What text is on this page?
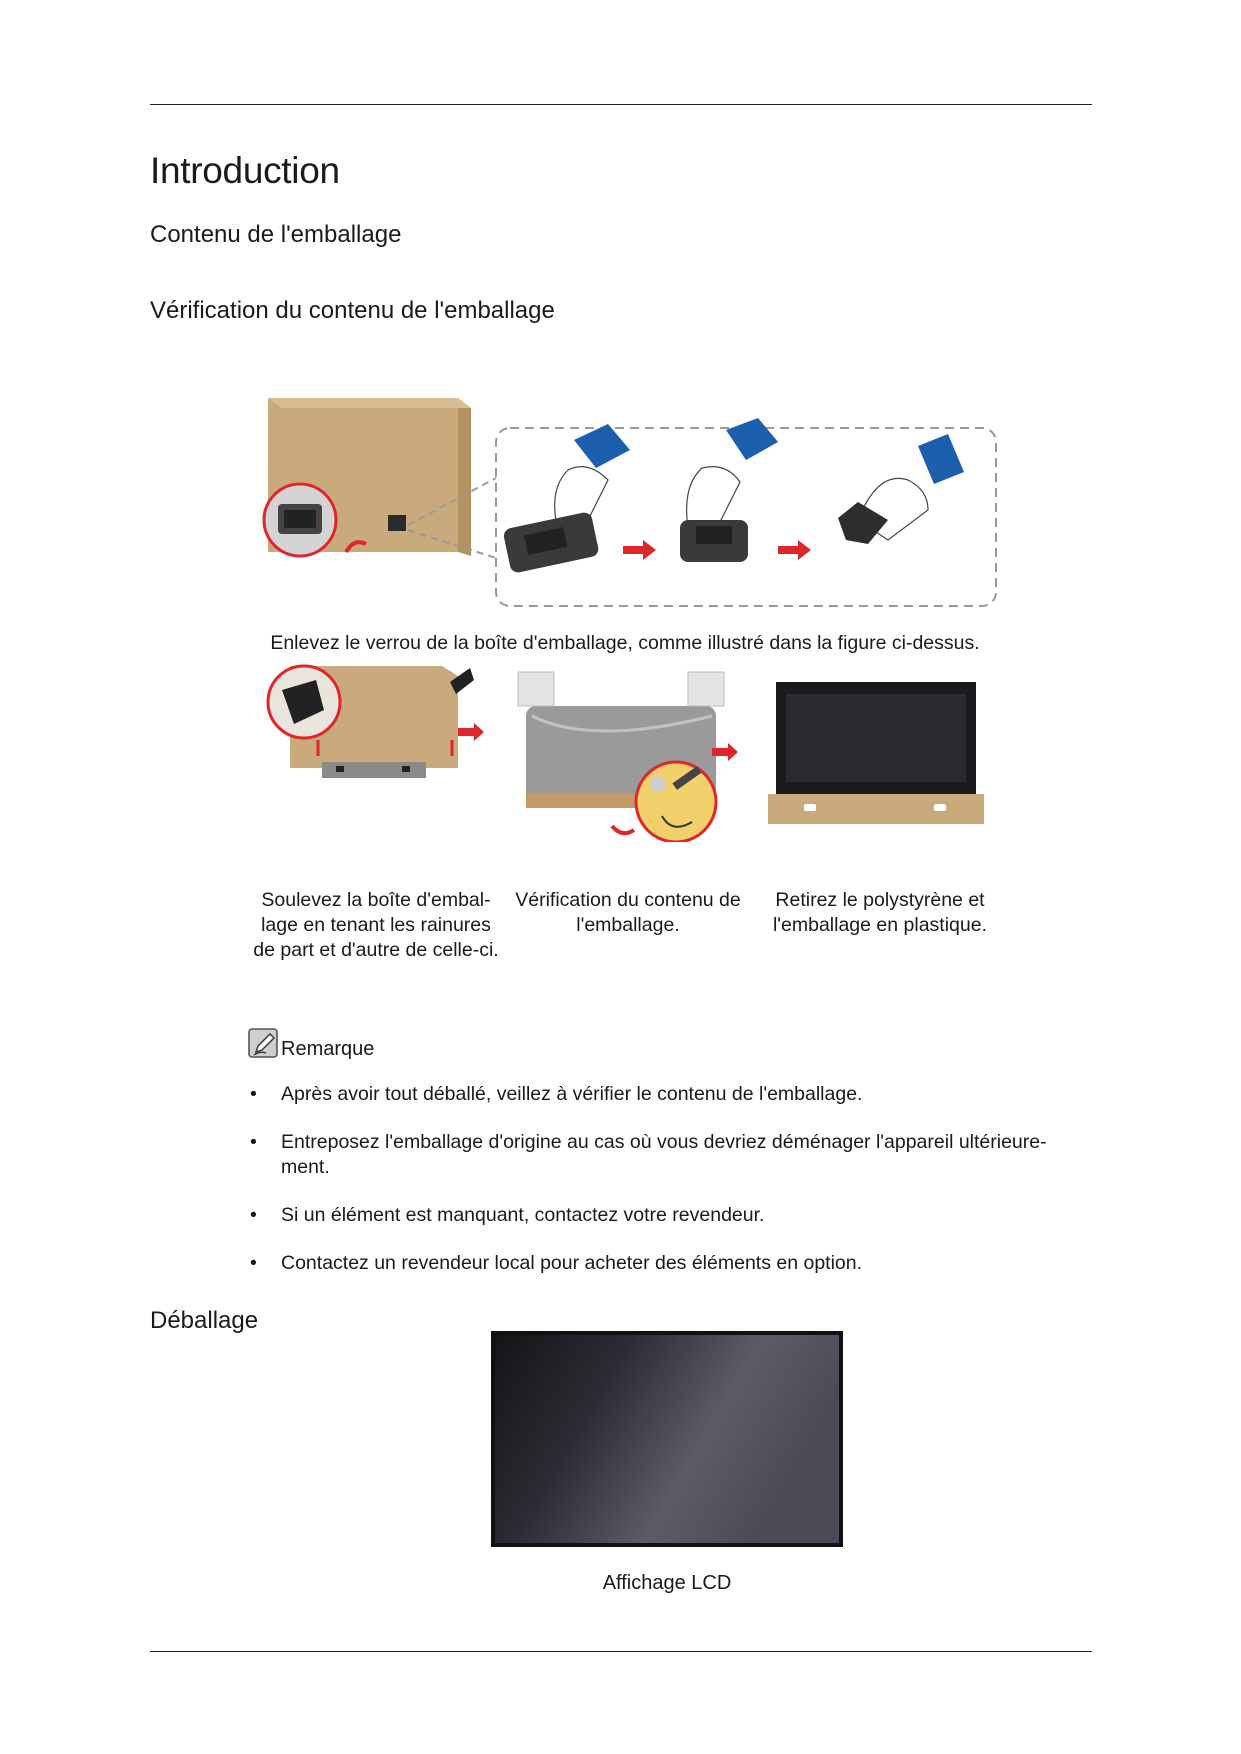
Introduction
Contenu de l'emballage
Vérification du contenu de l'emballage
Enlevez le verrou de la boîte d'emballage, comme illustré dans la figure ci-dessus.
Soulevez la boîte d'embal-lage en tenant les rainures de part et d'autre de celle-ci.
Vérification du contenu de l'emballage.
Retirez le polystyrène et l'emballage en plastique.
Remarque
• Après avoir tout déballé, veillez à vérifier le contenu de l'emballage.
• Entreposez l'emballage d'origine au cas où vous devriez déménager l'appareil ultérieure-ment.
• Si un élément est manquant, contactez votre revendeur.
• Contactez un revendeur local pour acheter des éléments en option.
Déballage
Affichage LCD
